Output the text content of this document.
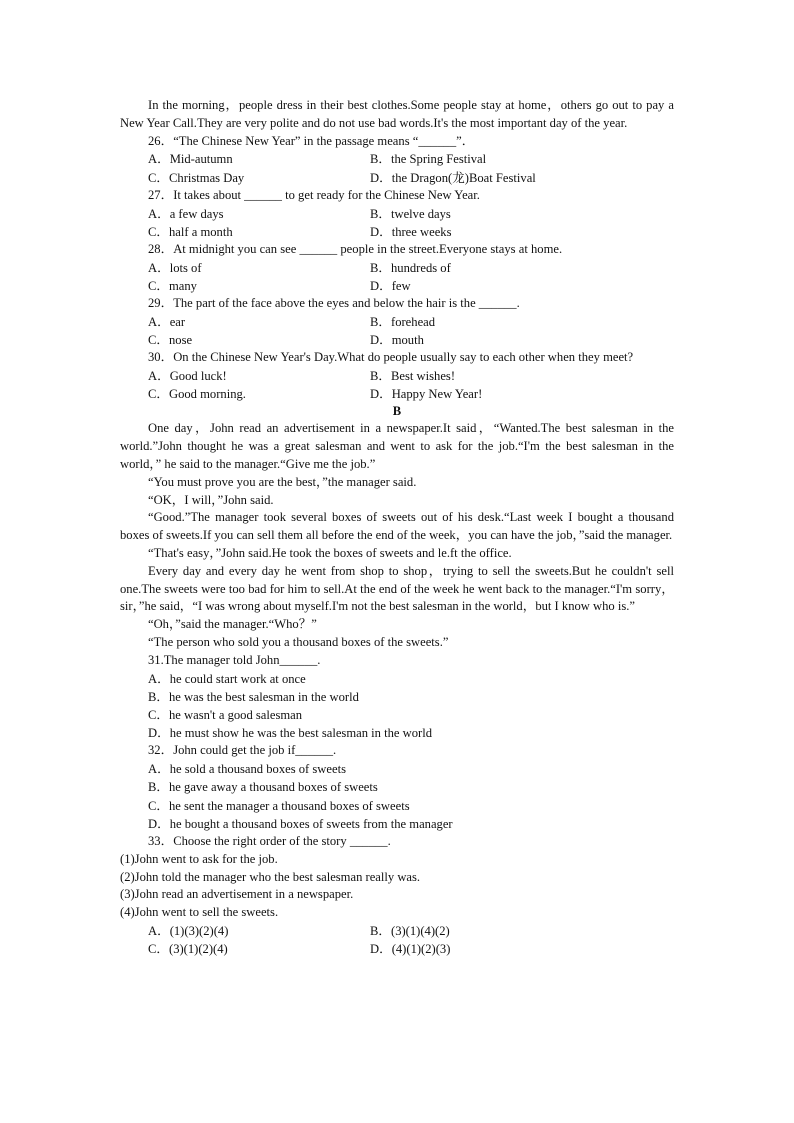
In the morning，people dress in their best clothes.Some people stay at home，others go out to pay a New Year Call.They are very polite and do not use bad words.It's the most important day of the year.

26．“The Chinese New Year” in the passage means “______”．

A．Mid-autumn	B．the Spring Festival
C．Christmas Day	D．the Dragon(龙)Boat Festival

27．It takes about ______ to get ready for the Chinese New Year.

A．a few days	B．twelve days
C．half a month	D．three weeks

28．At midnight you can see ______ people in the street.Everyone stays at home.

A．lots of	B．hundreds of
C．many	D．few

29．The part of the face above the eyes and below the hair is the ______.

A．ear	B．forehead
C．nose	D．mouth

30．On the Chinese New Year's Day.What do people usually say to each other when they meet?

A．Good luck!	B．Best wishes!
C．Good morning.	D．Happy New Year!

B

One day，John read an advertisement in a newspaper.It said，“Wanted.The best salesman in the world.”John thought he was a great salesman and went to ask for the job.“I'm the best salesman in the world，” he said to the manager.“Give me the job.”

“You must prove you are the best，”the manager said.

“OK，I will，”John said.

“Good.”The manager took several boxes of sweets out of his desk.“Last week I bought a thousand boxes of sweets.If you can sell them all before the end of the week，you can have the job，”said the manager.

“That's easy，”John said.He took the boxes of sweets and le.ft the office.

Every day and every day he went from shop to shop，trying to sell the sweets.But he couldn't sell one.The sweets were too bad for him to sell.At the end of the week he went back to the manager.“I'm sorry，sir，”he said，“I was wrong about myself.I'm not the best salesman in the world，but I know who is.”

“Oh，”said the manager.“Who？”

“The person who sold you a thousand boxes of the sweets.”

31.The manager told John______.

A．he could start work at once

B．he was the best salesman in the world

C．he wasn't a good salesman

D．he must show he was the best salesman in the world

32．John could get the job if______.

A．he sold a thousand boxes of sweets

B．he gave away a thousand boxes of sweets

C．he sent the manager a thousand boxes of sweets

D．he bought a thousand boxes of sweets from the manager

33．Choose the right order of the story ______.

(1)John went to ask for the job.

(2)John told the manager who the best salesman really was.

(3)John read an advertisement in a newspaper.

(4)John went to sell the sweets.

A．(1)(3)(2)(4)	B．(3)(1)(4)(2)
C．(3)(1)(2)(4)	D．(4)(1)(2)(3)
